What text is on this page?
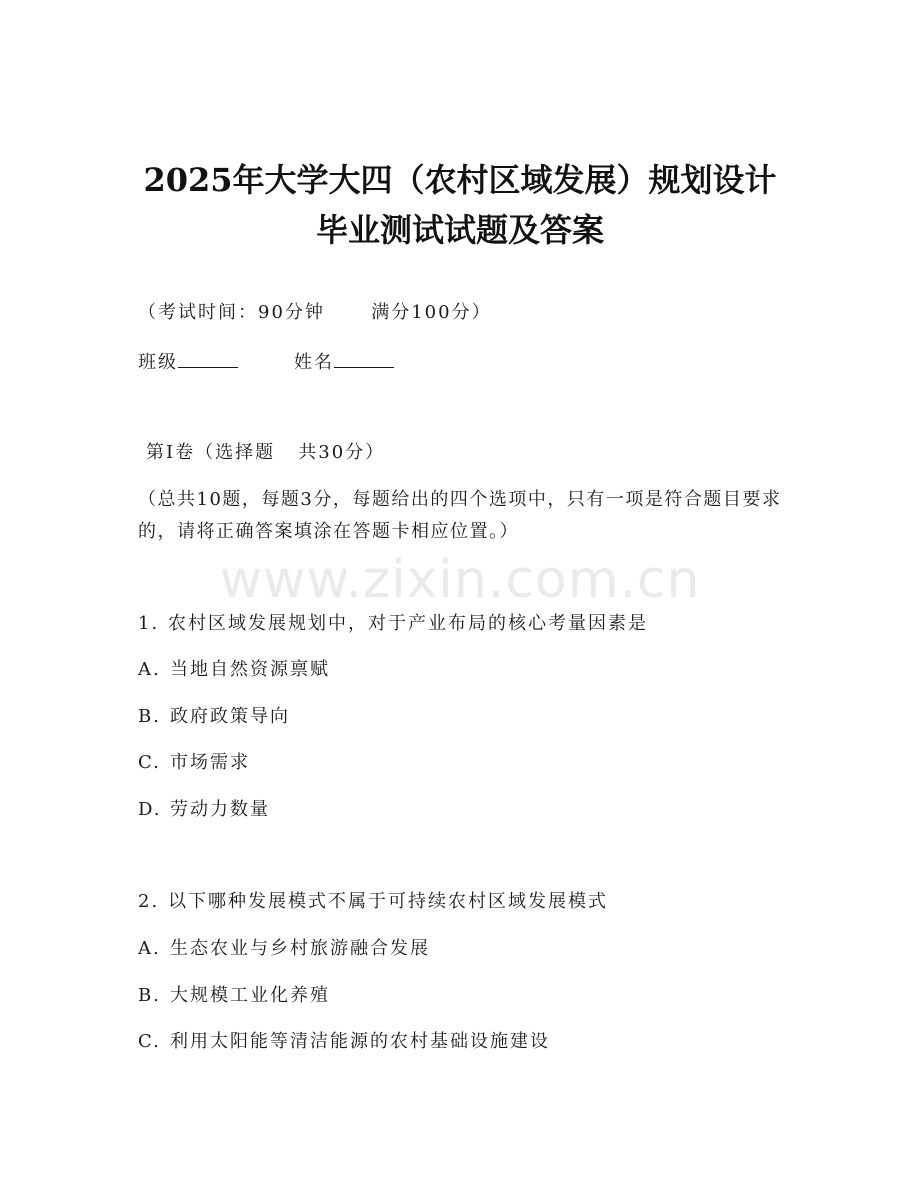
2025年大学大四（农村区域发展）规划设计
毕业测试试题及答案
（考试时间：90分钟      满分100分）
班级	姓名
第Ⅰ卷（选择题   共30分）
（总共10题，每题3分，每题给出的四个选项中，只有一项是符合题目要求的，请将正确答案填涂在答题卡相应位置。）
www.zixin.com.cn
1. 农村区域发展规划中，对于产业布局的核心考量因素是
A. 当地自然资源禀赋
B. 政府政策导向
C. 市场需求
D. 劳动力数量
2. 以下哪种发展模式不属于可持续农村区域发展模式
A. 生态农业与乡村旅游融合发展
B. 大规模工业化养殖
C. 利用太阳能等清洁能源的农村基础设施建设
